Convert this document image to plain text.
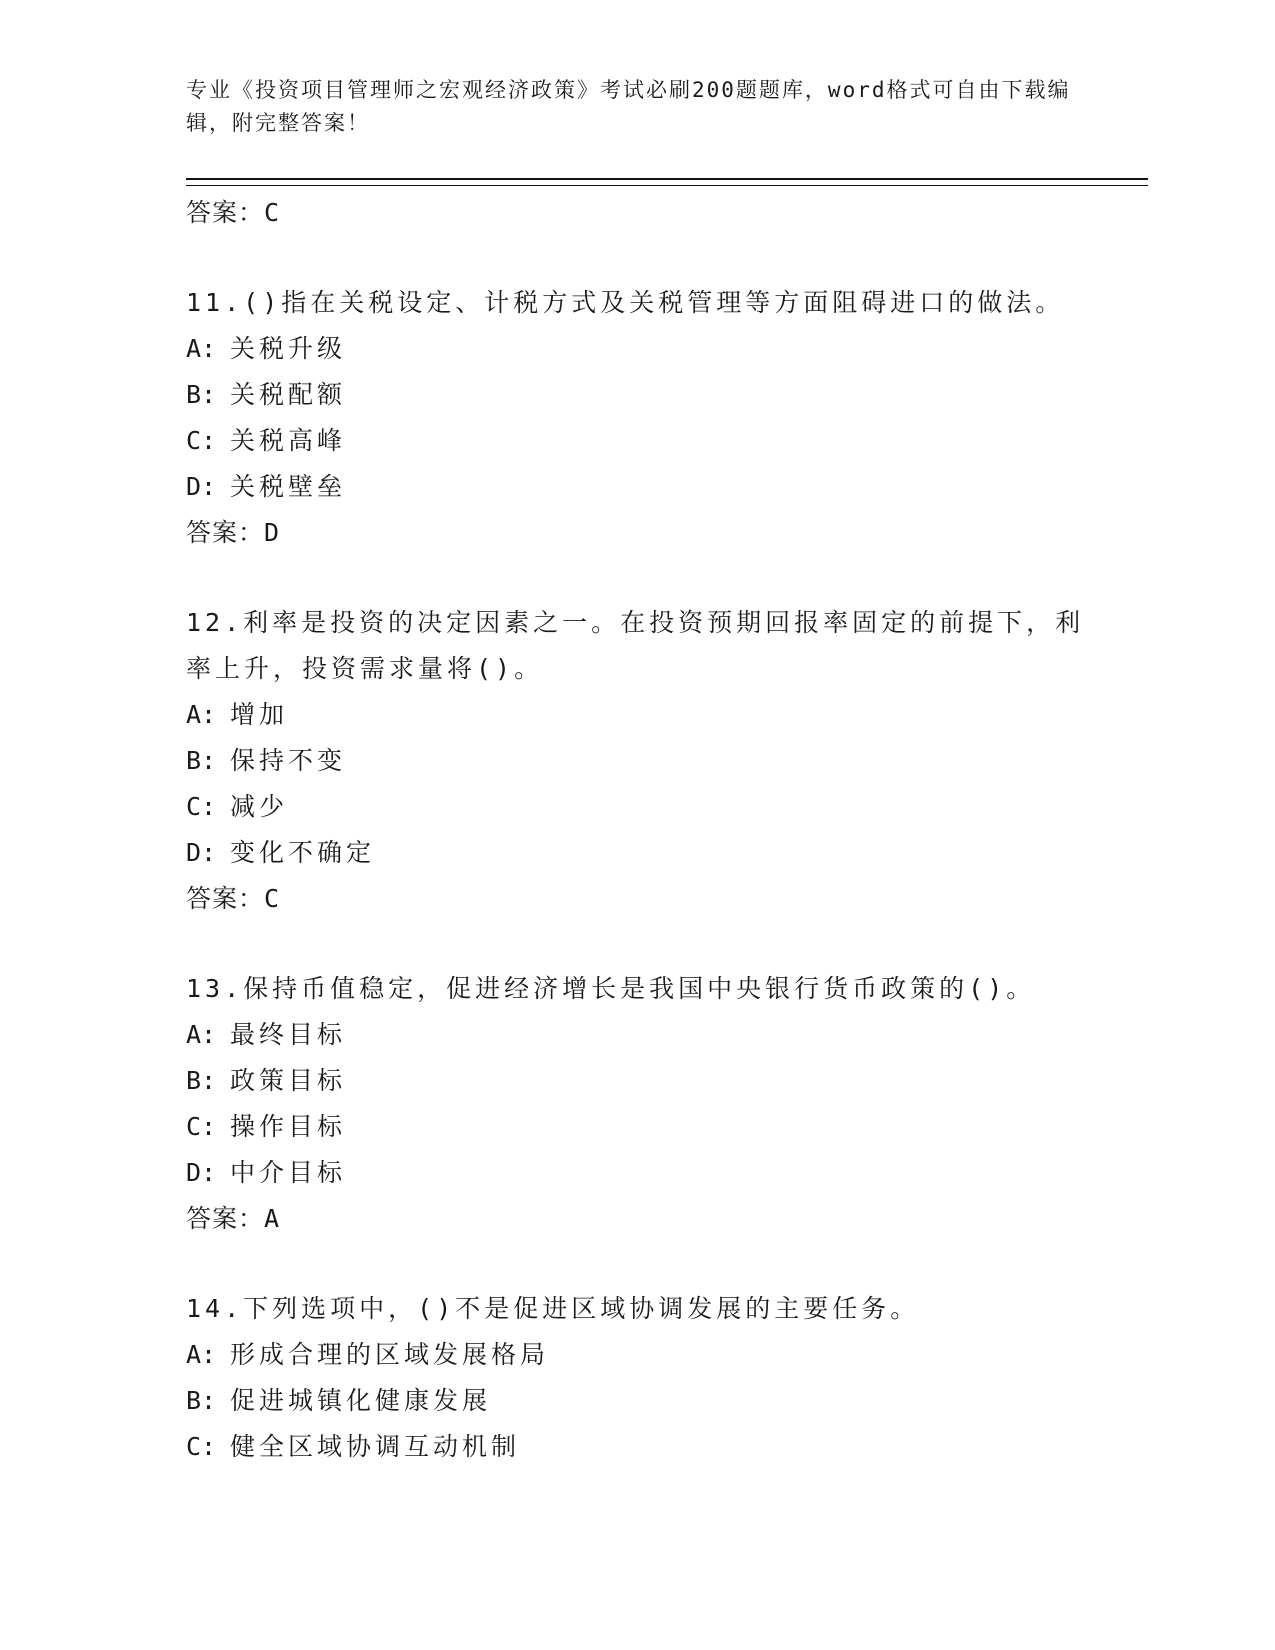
专业《投资项目管理师之宏观经济政策》考试必刷200题题库，word格式可自由下载编辑，附完整答案！
答案：C
11.()指在关税设定、计税方式及关税管理等方面阻碍进口的做法。
A: 关税升级
B: 关税配额
C: 关税高峰
D: 关税壁垒
答案：D
12.利率是投资的决定因素之一。在投资预期回报率固定的前提下，利率上升，投资需求量将()。
A: 增加
B: 保持不变
C: 减少
D: 变化不确定
答案：C
13.保持币值稳定，促进经济增长是我国中央银行货币政策的()。
A: 最终目标
B: 政策目标
C: 操作目标
D: 中介目标
答案：A
14.下列选项中，()不是促进区域协调发展的主要任务。
A: 形成合理的区域发展格局
B: 促进城镇化健康发展
C: 健全区域协调互动机制
